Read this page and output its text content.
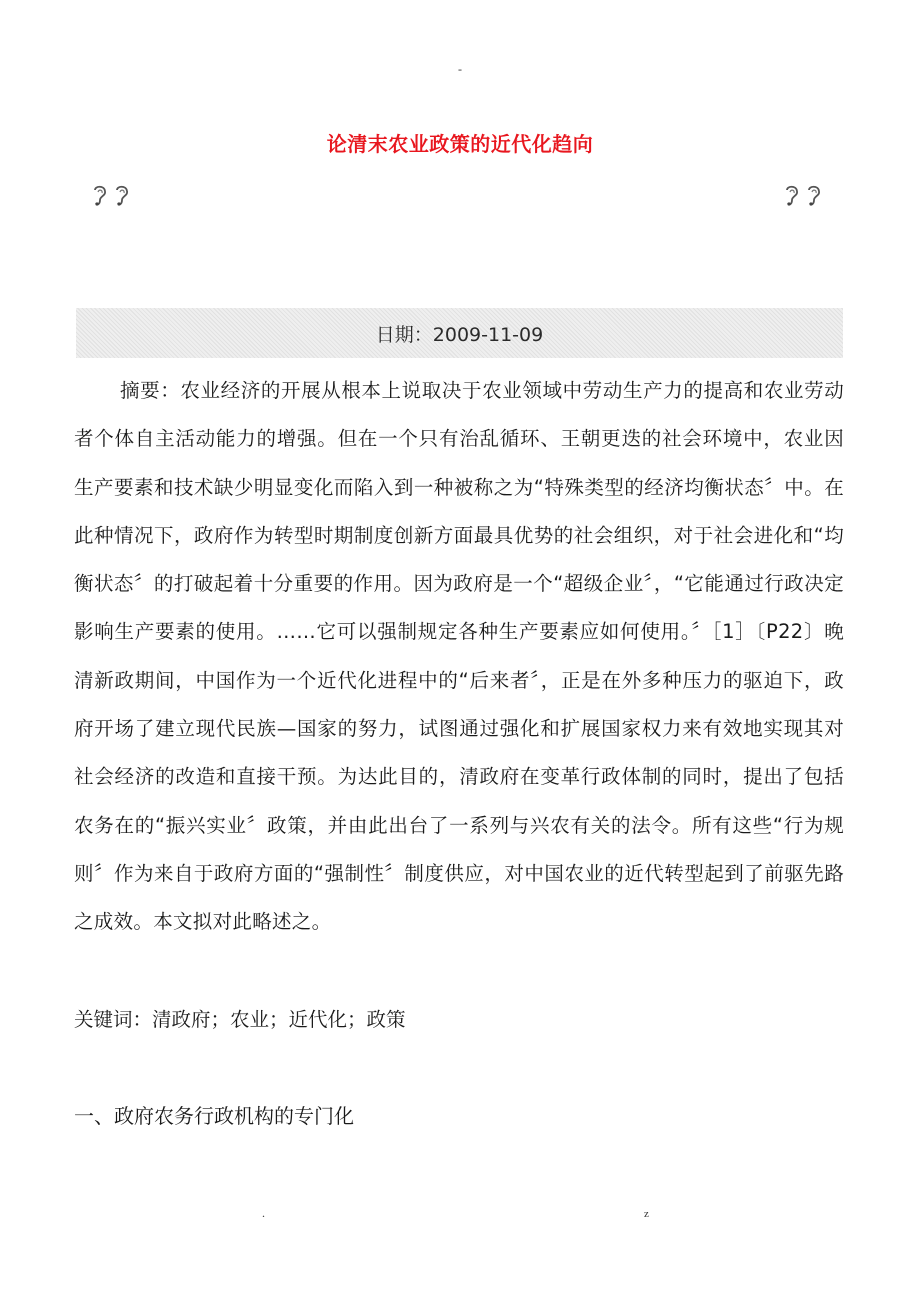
-
论清末农业政策的近代化趋向
日期：2009-11-09

摘要：农业经济的开展从根本上说取决于农业领域中劳动生产力的提高和农业劳动者个体自主活动能力的增强。但在一个只有治乱循环、王朝更迭的社会环境中，农业因生产要素和技术缺少明显变化而陷入到一种被称之为“特殊类型的经济均衡状态〞中。在此种情况下，政府作为转型时期制度创新方面最具优势的社会组织，对于社会进化和“均衡状态〞的打破起着十分重要的作用。因为政府是一个“超级企业〞，“它能通过行政决定影响生产要素的使用。……它可以强制规定各种生产要素应如何使用。〞［1］〔P22〕晚清新政期间，中国作为一个近代化进程中的“后来者〞，正是在外多种压力的驱迫下，政府开场了建立现代民族—国家的努力，试图通过强化和扩展国家权力来有效地实现其对社会经济的改造和直接干预。为达此目的，清政府在变革行政体制的同时，提出了包括农务在的“振兴实业〞政策，并由此出台了一系列与兴农有关的法令。所有这些“行为规则〞作为来自于政府方面的“强制性〞制度供应，对中国农业的近代转型起到了前驱先路之成效。本文拟对此略述之。

关键词：清政府；农业；近代化；政策

一、政府农务行政机构的专门化
.	z
